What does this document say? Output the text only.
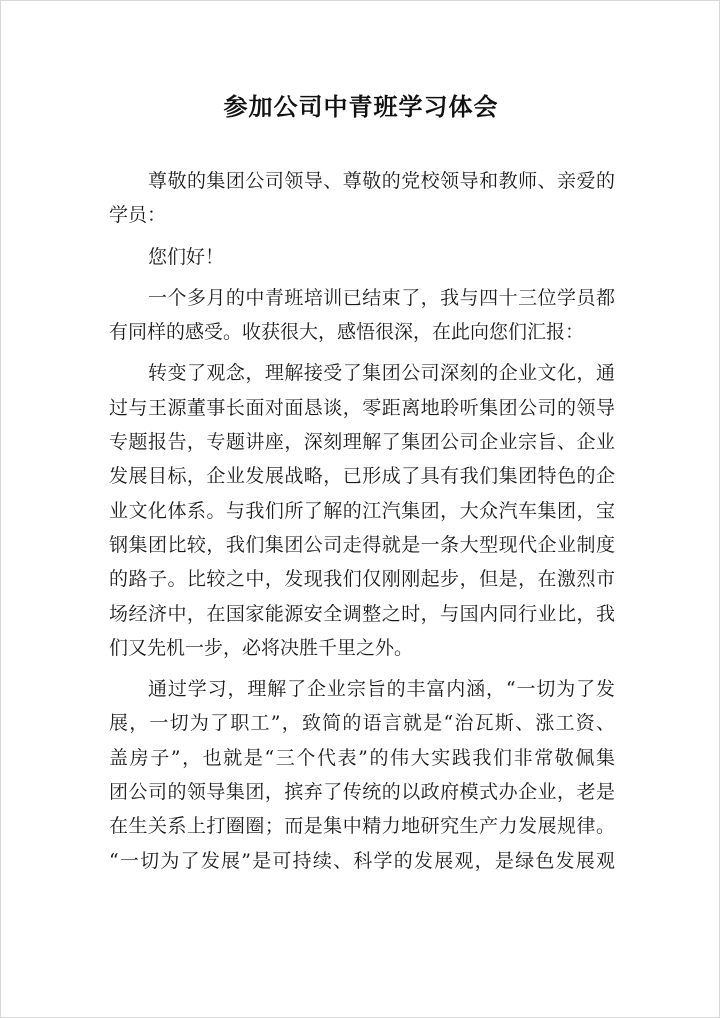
参加公司中青班学习体会
尊敬的集团公司领导、尊敬的党校领导和教师、亲爱的
学员：
您们好！
一个多月的中青班培训已结束了，我与四十三位学员都
有同样的感受。收获很大，感悟很深，在此向您们汇报：
转变了观念，理解接受了集团公司深刻的企业文化，通
过与王源董事长面对面恳谈，零距离地聆听集团公司的领导
专题报告，专题讲座，深刻理解了集团公司企业宗旨、企业
发展目标，企业发展战略，已形成了具有我们集团特色的企
业文化体系。与我们所了解的江汽集团，大众汽车集团，宝
钢集团比较，我们集团公司走得就是一条大型现代企业制度
的路子。比较之中，发现我们仅刚刚起步，但是，在激烈市
场经济中，在国家能源安全调整之时，与国内同行业比，我
们又先机一步，必将决胜千里之外。
通过学习，理解了企业宗旨的丰富内涵，“一切为了发
展，一切为了职工”，致简的语言就是“治瓦斯、涨工资、
盖房子”，也就是“三个代表”的伟大实践我们非常敬佩集
团公司的领导集团，摈弃了传统的以政府模式办企业，老是
在生关系上打圈圈；而是集中精力地研究生产力发展规律。
“一切为了发展”是可持续、科学的发展观，是绿色发展观
